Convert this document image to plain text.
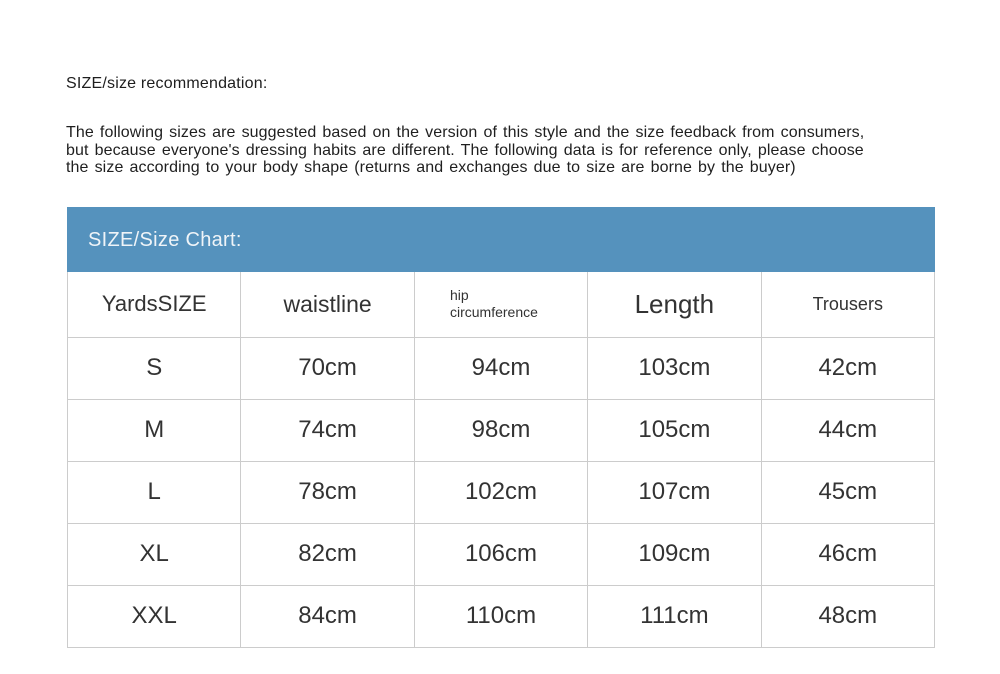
SIZE/size recommendation:
The following sizes are suggested based on the version of this style and the size feedback from consumers,
but because everyone's dressing habits are different. The following data is for reference only, please choose
the size according to your body shape (returns and exchanges due to size are borne by the buyer)
SIZE/Size Chart:
YardsSIZE	waistline	hip circumference	Length	Trousers
S	70cm	94cm	103cm	42cm
M	74cm	98cm	105cm	44cm
L	78cm	102cm	107cm	45cm
XL	82cm	106cm	109cm	46cm
XXL	84cm	110cm	111cm	48cm
